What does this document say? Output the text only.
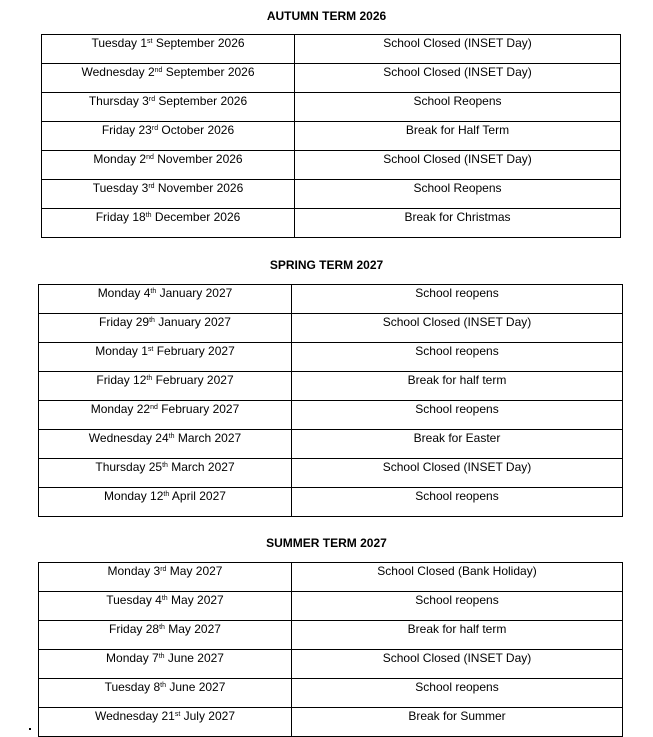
AUTUMN TERM 2026
Tuesday 1st September 2026	School Closed (INSET Day)
Wednesday 2nd September 2026	School Closed (INSET Day)
Thursday 3rd September 2026	School Reopens
Friday 23rd October 2026	Break for Half Term
Monday 2nd November 2026	School Closed (INSET Day)
Tuesday 3rd November 2026	School Reopens
Friday 18th December 2026	Break for Christmas
SPRING TERM 2027
Monday 4th January 2027	School reopens
Friday 29th January 2027	School Closed (INSET Day)
Monday 1st February 2027	School reopens
Friday 12th February 2027	Break for half term
Monday 22nd February 2027	School reopens
Wednesday 24th March 2027	Break for Easter
Thursday 25th March 2027	School Closed (INSET Day)
Monday 12th April 2027	School reopens
SUMMER TERM 2027
Monday 3rd May 2027	School Closed (Bank Holiday)
Tuesday 4th May 2027	School reopens
Friday 28th May 2027	Break for half term
Monday 7th June 2027	School Closed (INSET Day)
Tuesday 8th June 2027	School reopens
Wednesday 21st July 2027	Break for Summer
